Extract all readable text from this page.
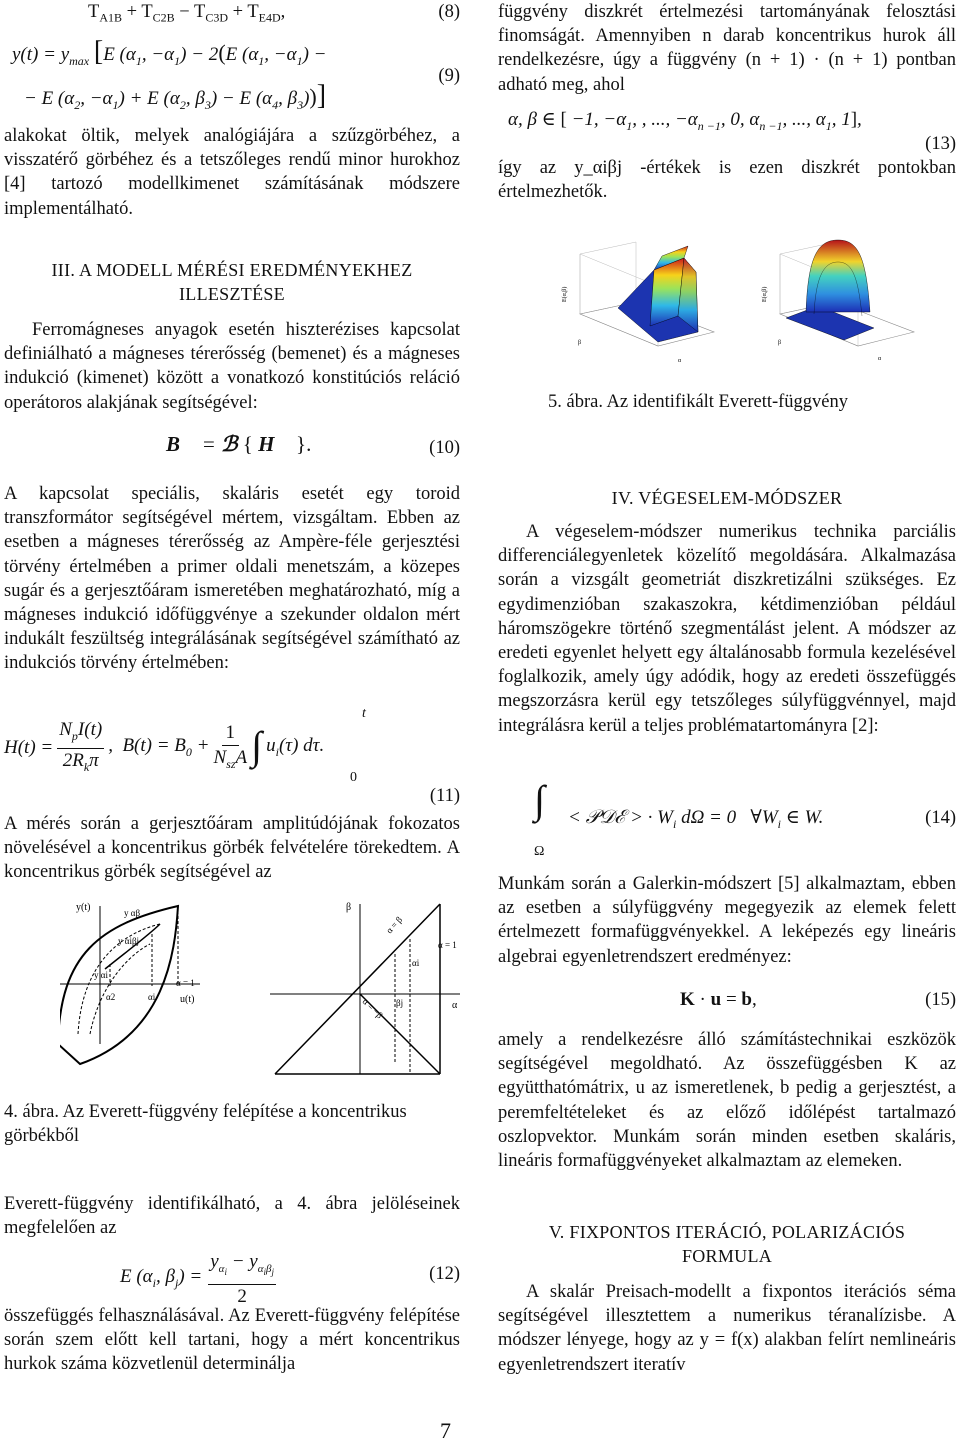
$T_{A1B} + T_{C2B} - T_{C3D} + T_{E4D}$,	(8)
$y(t) = y_{max}$ [E ($\alpha_1$, $-\alpha_1) - 2(E$ ($\alpha_1$, $-\alpha_1$) −
− E ($\alpha_2$, $-\alpha_1) + E$ ($\alpha_2$, $\beta_3) - E$ ($\alpha_4$, $\beta_3$))]
(9)

alakokat öltik, melyek analógiájára a szűzgörbéhez, a visszatérő görbéhez és a tetszőleges rendű minor hurokhoz [4] tartozó modellkimenet számításának módszere implementálható.

III. A MODELL MÉRÉSI EREDMÉNYEKHEZ

ILLESZTÉSE

Ferromágneses anyagok esetén hiszterézises kapcsolat definiálható a mágneses térerősség (bemenet) és a mágneses indukció (kimenet) között a vonatkozó konstitúciós reláció operátoros alakjának segítségével:

B⃗ = ℬ { H⃗ }.	(10)

A kapcsolat speciális, skaláris esetét egy toroid transzformátor segítségével mértem, vizsgáltam. Ebben az esetben a mágneses térerősség az Ampère-féle gerjesztési törvény értelmében a primer oldali menetszám, a közepes sugár és a gerjesztőáram ismeretében meghatározható, míg a mágneses indukció időfüggvénye a szekunder oldalon mért indukált feszültség integrálásának segítségével számítható az indukciós törvény értelmében:

H(t) =
$N_pI(t)$
$2R_k\pi$
,  $B(t) = B_0$ +
1
$N_{sz}A$ ∫ $u_i(\tau)$ dτ.
t
0
(11)

A mérés során a gerjesztőáram amplitúdójának fokozatos növelésével a koncentrikus görbék felvételére törekedtem. A koncentrikus görbék segítségével az

y(t)
u(t)
y αβ
y αiβj
y αi
α2	αi
α = 1
β
α
α = β
α = −β
α = 1
αi
βj

4. ábra. Az Everett-függvény felépítése a koncentrikus görbékből

Everett-függvény identifikálható, a 4. ábra jelöléseinek megfelelően az

E ($\alpha_i$, $\beta_j$) =
$y_{\alpha_i} - y_{\alpha_i\beta_j}$
2
(12)

összefüggés felhasználásával. Az Everett-függvény felépítése során szem előtt kell tartani, hogy a mért koncentrikus hurkok száma közvetlenül determinálja

függvény diszkrét értelmezési tartományának felosztási finomságát. Amennyiben n darab koncentrikus hurok áll rendelkezésre, úgy a függvény (n + 1) · (n + 1) pontban adható meg, ahol

α, β ∈ [ −1, $-\alpha_1$, , ..., $-\alpha_{n -1}$, 0, $\alpha_{n -1}$, ..., $\alpha_1$, 1],
(13)

így az y_αiβj -értékek is ezen diszkrét pontokban értelmezhetők.

E(α,β)
β
α
E(α,β)
β
α

5. ábra. Az identifikált Everett-függvény

IV. VÉGESELEM-MÓDSZER

A végeselem-módszer numerikus technika parciális differenciálegyenletek közelítő megoldására. Alkalmazása során a vizsgált geometriát diszkretizálni szükséges. Ez egydimenzióban szakaszokra, kétdimenzióban például háromszögekre történő szegmentálást jelent. A módszer az eredeti egyenlet helyett egy általánosabb formula kezelésével foglalkozik, amely úgy adódik, hogy az eredeti összefüggés megszorzásra kerül egy tetszőleges súlyfüggvénnyel, majd integrálásra kerül a teljes problématartományra [2]:

∫ < 𝒫𝒟ℰ > · $W_i$ dΩ = 0   $\forall W_i$ ∈ W.
Ω
(14)

Munkám során a Galerkin-módszert [5] alkalmaztam, ebben az esetben a súlyfüggvény megegyezik az elemek felett értelmezett formafüggvényekkel. A leképezés egy lineáris algebrai egyenletrendszert eredményez:

K · u = b,	(15)

amely a rendelkezésre álló számítástechnikai eszközök segítségével megoldható. Az összefüggésben K az együtthatómátrix, u az ismeretlenek, b pedig a gerjesztést, a peremfeltételeket és az előző időlépést tartalmazó oszlopvektor. Munkám során minden esetben skaláris, lineáris formafüggvényeket alkalmaztam az elemeken.

V. FIXPONTOS ITERÁCIÓ, POLARIZÁCIÓS

FORMULA

A skalár Preisach-modellt a fixpontos iterációs séma segítségével illesztettem a numerikus téranalízisbe. A módszer lényege, hogy az y = f(x) alakban felírt nemlineáris egyenletrendszert iteratív

7
